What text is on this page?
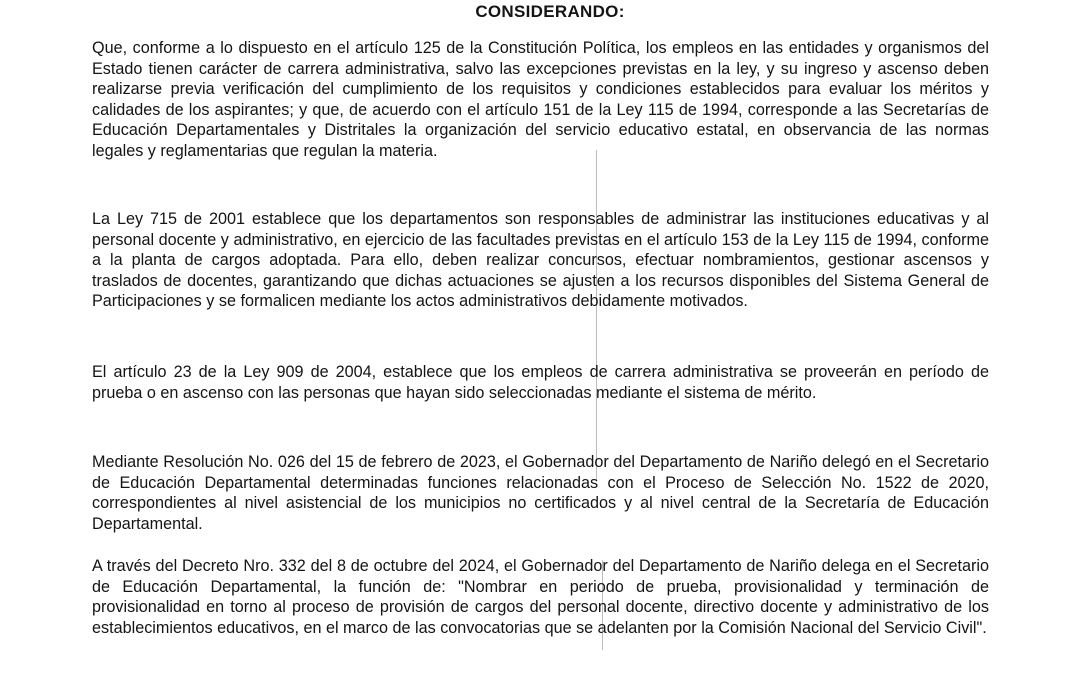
CONSIDERANDO:

Que, conforme a lo dispuesto en el artículo 125 de la Constitución Política, los empleos en las entidades y organismos del Estado tienen carácter de carrera administrativa, salvo las excepciones previstas en la ley, y su ingreso y ascenso deben realizarse previa verificación del cumplimiento de los requisitos y condiciones establecidos para evaluar los méritos y calidades de los aspirantes; y que, de acuerdo con el artículo 151 de la Ley 115 de 1994, corresponde a las Secretarías de Educación Departamentales y Distritales la organización del servicio educativo estatal, en observancia de las normas legales y reglamentarias que regulan la materia.

La Ley 715 de 2001 establece que los departamentos son responsables de administrar las instituciones educativas y al personal docente y administrativo, en ejercicio de las facultades previstas en el artículo 153 de la Ley 115 de 1994, conforme a la planta de cargos adoptada. Para ello, deben realizar concursos, efectuar nombramientos, gestionar ascensos y traslados de docentes, garantizando que dichas actuaciones se ajusten a los recursos disponibles del Sistema General de Participaciones y se formalicen mediante los actos administrativos debidamente motivados.

El artículo 23 de la Ley 909 de 2004, establece que los empleos de carrera administrativa se proveerán en período de prueba o en ascenso con las personas que hayan sido seleccionadas mediante el sistema de mérito.

Mediante Resolución No. 026 del 15 de febrero de 2023, el Gobernador del Departamento de Nariño delegó en el Secretario de Educación Departamental determinadas funciones relacionadas con el Proceso de Selección No. 1522 de 2020, correspondientes al nivel asistencial de los municipios no certificados y al nivel central de la Secretaría de Educación Departamental.

A través del Decreto Nro. 332 del 8 de octubre del 2024, el Gobernador del Departamento de Nariño delega en el Secretario de Educación Departamental, la función de: "Nombrar en periodo de prueba, provisionalidad y terminación de provisionalidad en torno al proceso de provisión de cargos del personal docente, directivo docente y administrativo de los establecimientos educativos, en el marco de las convocatorias que se adelanten por la Comisión Nacional del Servicio Civil".
